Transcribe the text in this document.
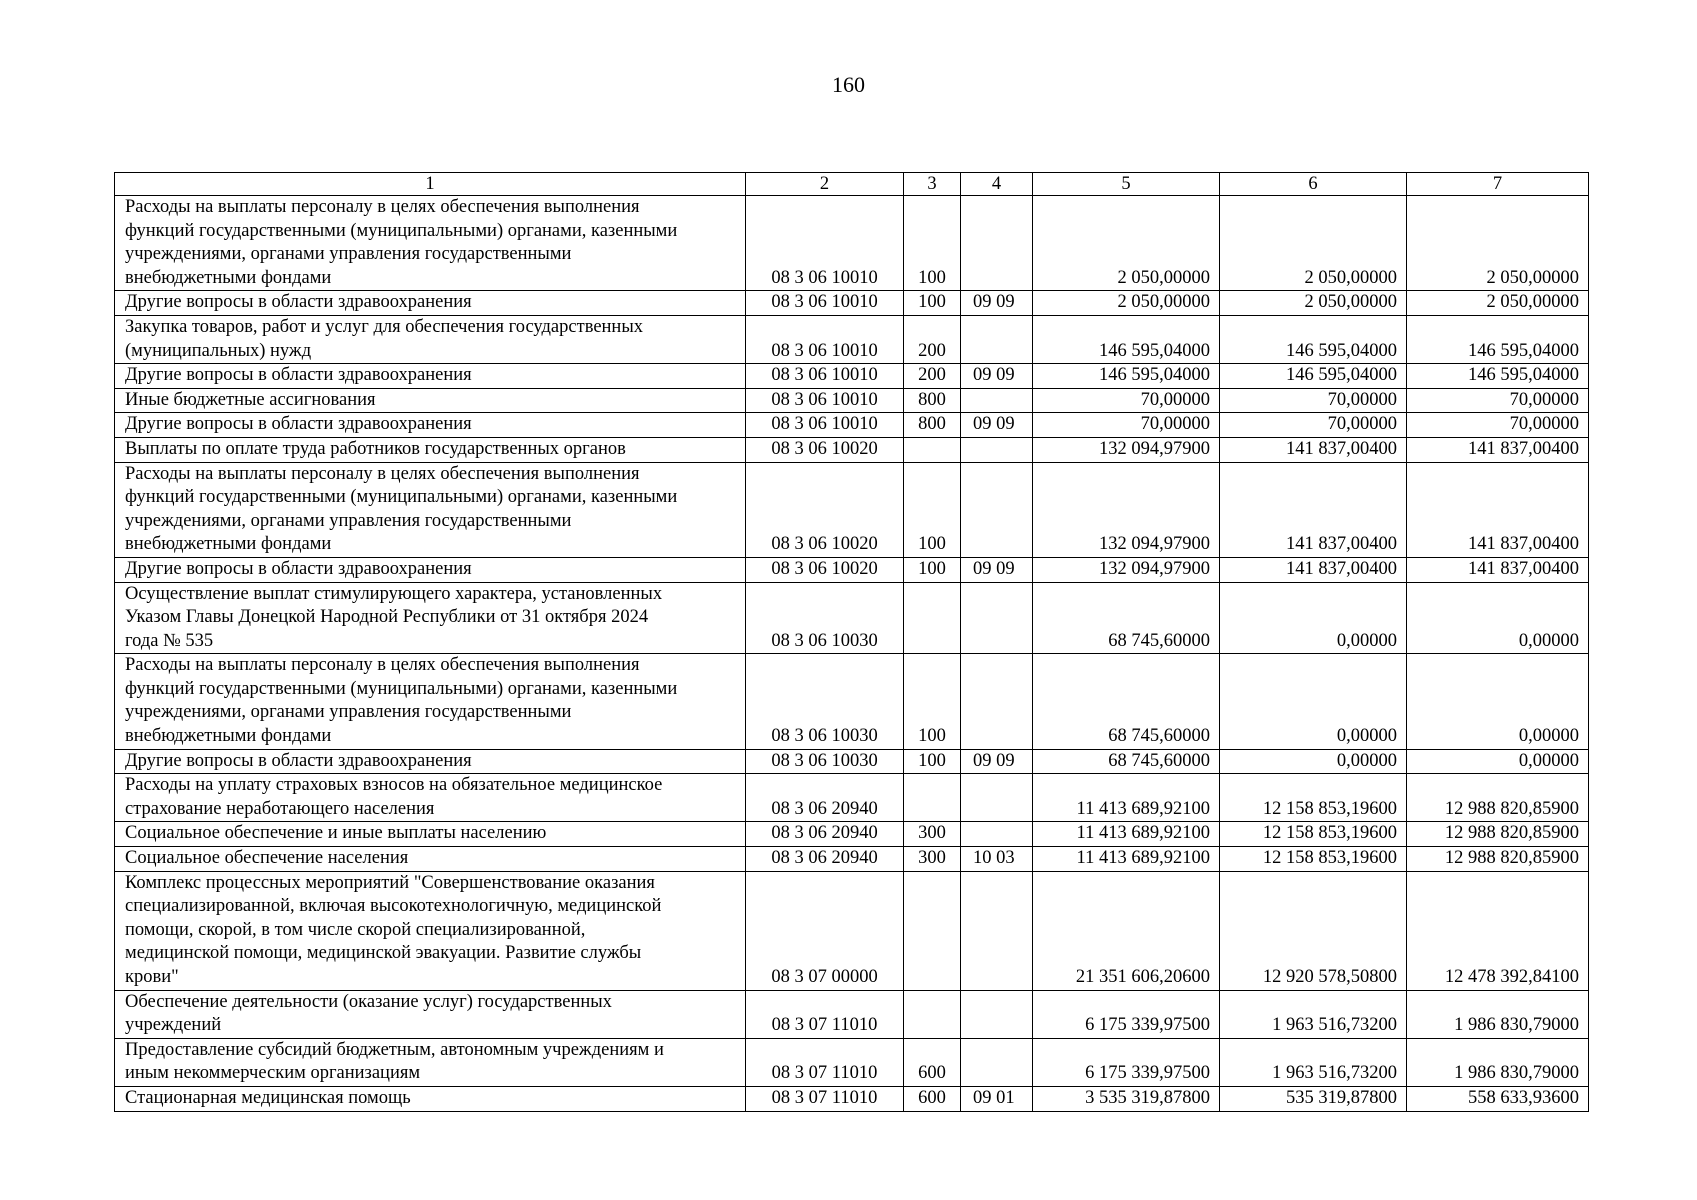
160
1	2	3	4	5	6	7
Расходы на выплаты персоналу в целях обеспечения выполнения
функций государственными (муниципальными) органами, казенными
учреждениями, органами управления государственными
внебюджетными фондами	08 3 06 10010	100		2 050,00000	2 050,00000	2 050,00000
Другие вопросы в области здравоохранения	08 3 06 10010	100	09 09	2 050,00000	2 050,00000	2 050,00000
Закупка товаров, работ и услуг для обеспечения государственных
(муниципальных) нужд	08 3 06 10010	200		146 595,04000	146 595,04000	146 595,04000
Другие вопросы в области здравоохранения	08 3 06 10010	200	09 09	146 595,04000	146 595,04000	146 595,04000
Иные бюджетные ассигнования	08 3 06 10010	800		70,00000	70,00000	70,00000
Другие вопросы в области здравоохранения	08 3 06 10010	800	09 09	70,00000	70,00000	70,00000
Выплаты по оплате труда работников государственных органов	08 3 06 10020			132 094,97900	141 837,00400	141 837,00400
Расходы на выплаты персоналу в целях обеспечения выполнения
функций государственными (муниципальными) органами, казенными
учреждениями, органами управления государственными
внебюджетными фондами	08 3 06 10020	100		132 094,97900	141 837,00400	141 837,00400
Другие вопросы в области здравоохранения	08 3 06 10020	100	09 09	132 094,97900	141 837,00400	141 837,00400
Осуществление выплат стимулирующего характера, установленных
Указом Главы Донецкой Народной Республики от 31 октября 2024
года № 535	08 3 06 10030			68 745,60000	0,00000	0,00000
Расходы на выплаты персоналу в целях обеспечения выполнения
функций государственными (муниципальными) органами, казенными
учреждениями, органами управления государственными
внебюджетными фондами	08 3 06 10030	100		68 745,60000	0,00000	0,00000
Другие вопросы в области здравоохранения	08 3 06 10030	100	09 09	68 745,60000	0,00000	0,00000
Расходы на уплату страховых взносов на обязательное медицинское
страхование неработающего населения	08 3 06 20940			11 413 689,92100	12 158 853,19600	12 988 820,85900
Социальное обеспечение и иные выплаты населению	08 3 06 20940	300		11 413 689,92100	12 158 853,19600	12 988 820,85900
Социальное обеспечение населения	08 3 06 20940	300	10 03	11 413 689,92100	12 158 853,19600	12 988 820,85900
Комплекс процессных мероприятий "Совершенствование оказания
специализированной, включая высокотехнологичную, медицинской
помощи, скорой, в том числе скорой специализированной,
медицинской помощи, медицинской эвакуации. Развитие службы
крови"	08 3 07 00000			21 351 606,20600	12 920 578,50800	12 478 392,84100
Обеспечение деятельности (оказание услуг) государственных
учреждений	08 3 07 11010			6 175 339,97500	1 963 516,73200	1 986 830,79000
Предоставление субсидий бюджетным, автономным учреждениям и
иным некоммерческим организациям	08 3 07 11010	600		6 175 339,97500	1 963 516,73200	1 986 830,79000
Стационарная медицинская помощь	08 3 07 11010	600	09 01	3 535 319,87800	535 319,87800	558 633,93600
